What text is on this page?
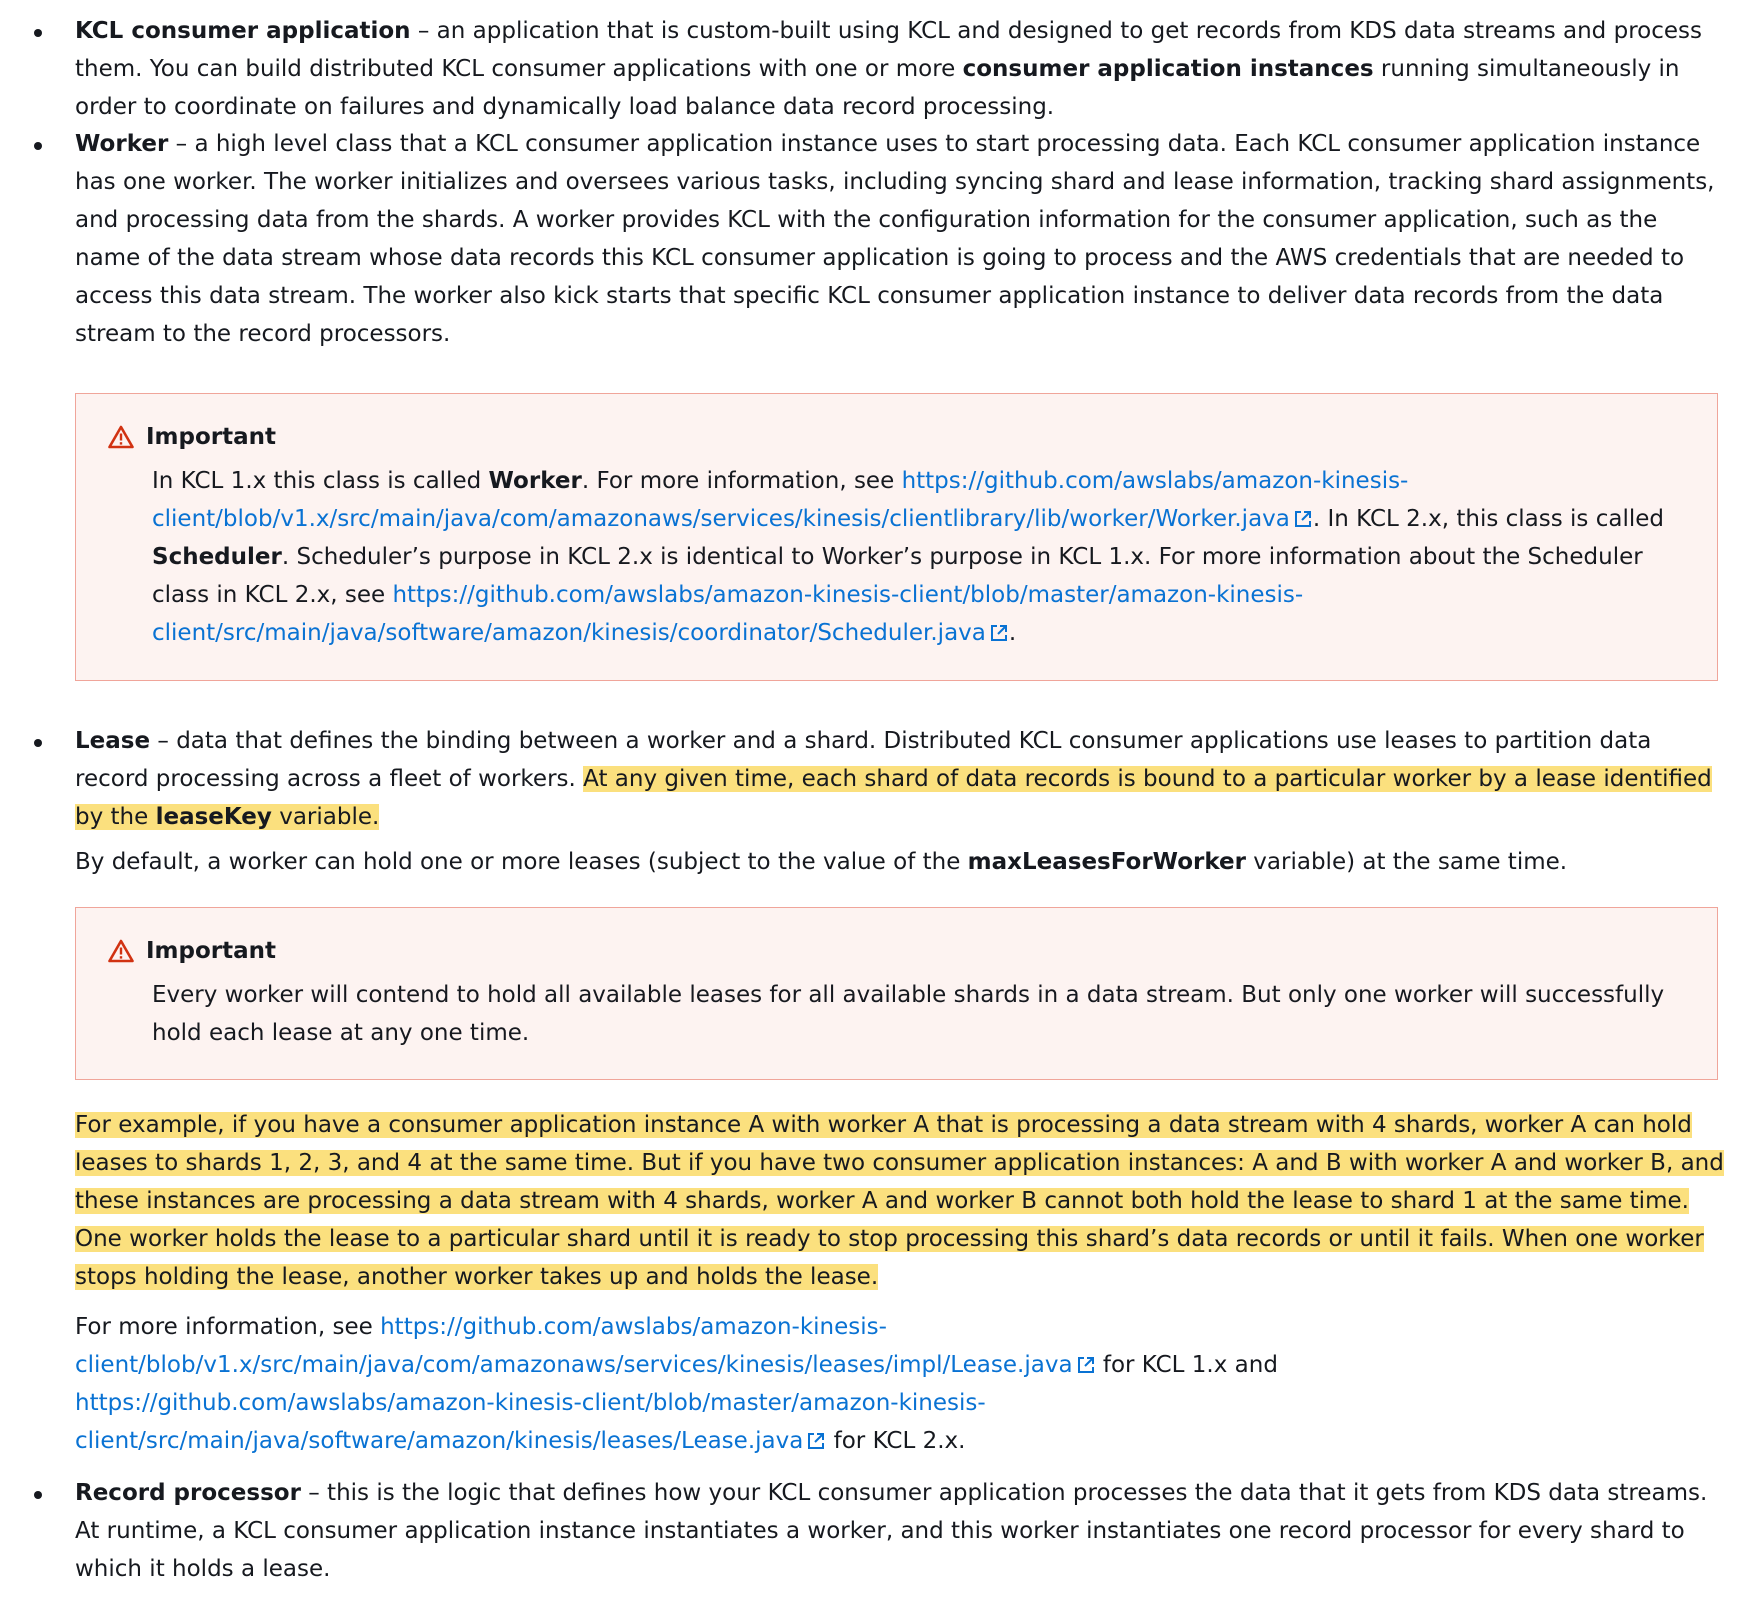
KCL consumer application – an application that is custom-built using KCL and designed to get records from KDS data streams and process them. You can build distributed KCL consumer applications with one or more consumer application instances running simultaneously in order to coordinate on failures and dynamically load balance data record processing.

Worker – a high level class that a KCL consumer application instance uses to start processing data. Each KCL consumer application instance has one worker. The worker initializes and oversees various tasks, including syncing shard and lease information, tracking shard assignments, and processing data from the shards. A worker provides KCL with the configuration information for the consumer application, such as the name of the data stream whose data records this KCL consumer application is going to process and the AWS credentials that are needed to access this data stream. The worker also kick starts that specific KCL consumer application instance to deliver data records from the data stream to the record processors.

Important

In KCL 1.x this class is called Worker. For more information, see https://github.com/awslabs/amazon-kinesis-
client/blob/v1.x/src/main/java/com/amazonaws/services/kinesis/clientlibrary/lib/worker/Worker.java . In KCL 2.x, this class is called Scheduler. Scheduler’s purpose in KCL 2.x is identical to Worker’s purpose in KCL 1.x. For more information about the Scheduler class in KCL 2.x, see https://github.com/awslabs/amazon-kinesis-client/blob/master/amazon-kinesis-
client/src/main/java/software/amazon/kinesis/coordinator/Scheduler.java .

Lease – data that defines the binding between a worker and a shard. Distributed KCL consumer applications use leases to partition data record processing across a fleet of workers. At any given time, each shard of data records is bound to a particular worker by a lease identified by the leaseKey variable.

By default, a worker can hold one or more leases (subject to the value of the maxLeasesForWorker variable) at the same time.

Important

Every worker will contend to hold all available leases for all available shards in a data stream. But only one worker will successfully hold each lease at any one time.

For example, if you have a consumer application instance A with worker A that is processing a data stream with 4 shards, worker A can hold leases to shards 1, 2, 3, and 4 at the same time. But if you have two consumer application instances: A and B with worker A and worker B, and these instances are processing a data stream with 4 shards, worker A and worker B cannot both hold the lease to shard 1 at the same time. One worker holds the lease to a particular shard until it is ready to stop processing this shard’s data records or until it fails. When one worker stops holding the lease, another worker takes up and holds the lease.

For more information, see https://github.com/awslabs/amazon-kinesis-
client/blob/v1.x/src/main/java/com/amazonaws/services/kinesis/leases/impl/Lease.java for KCL 1.x and
https://github.com/awslabs/amazon-kinesis-client/blob/master/amazon-kinesis-
client/src/main/java/software/amazon/kinesis/leases/Lease.java for KCL 2.x.

Record processor – this is the logic that defines how your KCL consumer application processes the data that it gets from KDS data streams. At runtime, a KCL consumer application instance instantiates a worker, and this worker instantiates one record processor for every shard to which it holds a lease.
